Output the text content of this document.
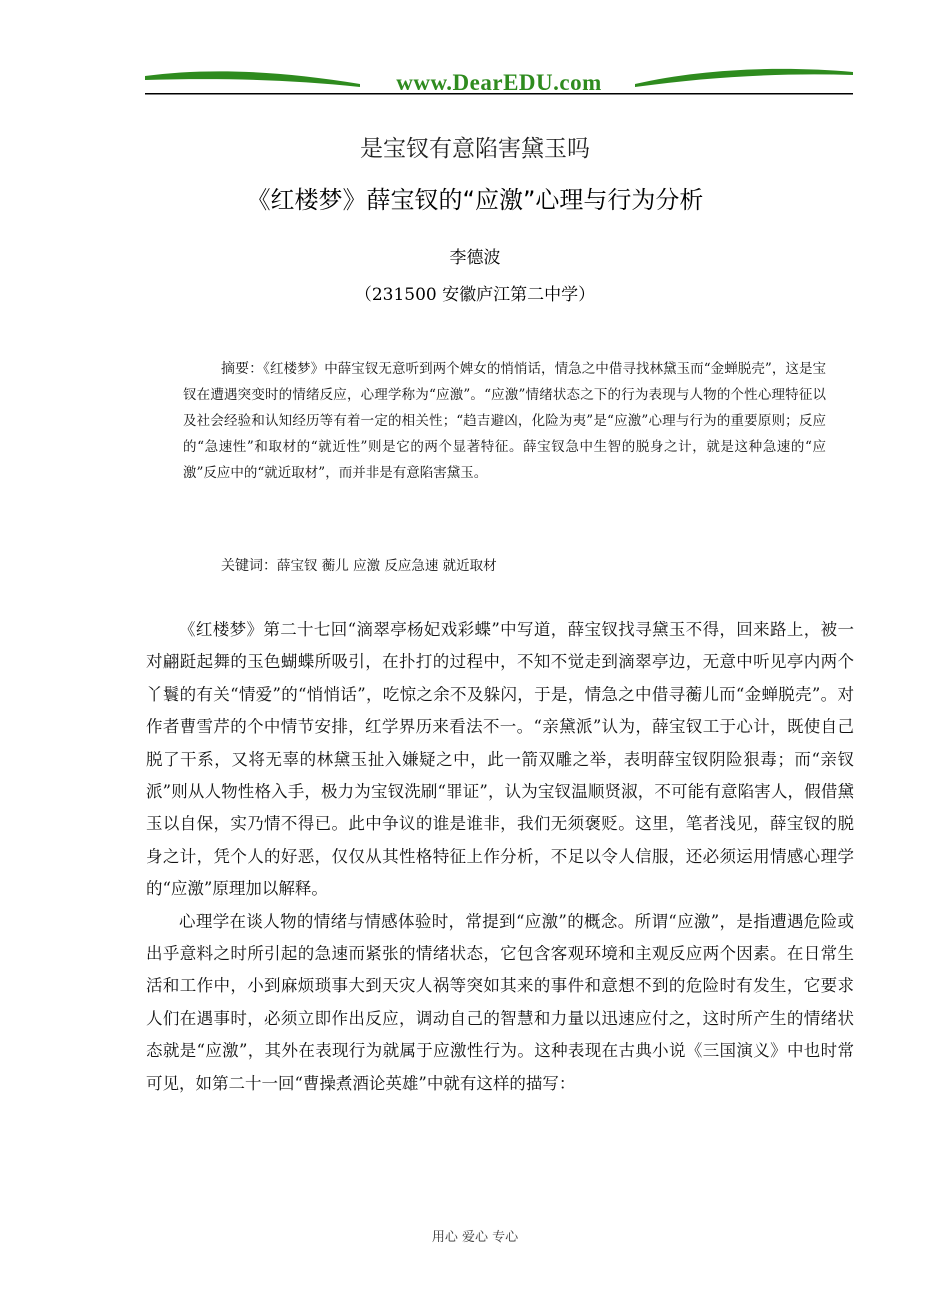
www.DearEDU.com
是宝钗有意陷害黛玉吗
《红楼梦》薛宝钗的“应激”心理与行为分析
李德波
（231500 安徽庐江第二中学）
摘要：《红楼梦》中薛宝钗无意听到两个婢女的悄悄话，情急之中借寻找林黛玉而“金蝉脱壳”，这是宝钗在遭遇突变时的情绪反应，心理学称为“应激”。“应激”情绪状态之下的行为表现与人物的个性心理特征以及社会经验和认知经历等有着一定的相关性；“趋吉避凶，化险为夷”是“应激”心理与行为的重要原则；反应的“急速性”和取材的“就近性”则是它的两个显著特征。薛宝钗急中生智的脱身之计，就是这种急速的“应激”反应中的“就近取材”，而并非是有意陷害黛玉。
关键词：薛宝钗 蘅儿 应激 反应急速 就近取材

《红楼梦》第二十七回“滴翠亭杨妃戏彩蝶”中写道，薛宝钗找寻黛玉不得，回来路上，被一对翩跹起舞的玉色蝴蝶所吸引，在扑打的过程中，不知不觉走到滴翠亭边，无意中听见亭内两个丫鬟的有关“情爱”的“悄悄话”，吃惊之余不及躲闪，于是，情急之中借寻蘅儿而“金蝉脱壳”。对作者曹雪芹的个中情节安排，红学界历来看法不一。“亲黛派”认为，薛宝钗工于心计，既使自己脱了干系，又将无辜的林黛玉扯入嫌疑之中，此一箭双雕之举，表明薛宝钗阴险狠毒；而“亲钗派”则从人物性格入手，极力为宝钗洗刷“罪证”，认为宝钗温顺贤淑，不可能有意陷害人，假借黛玉以自保，实乃情不得已。此中争议的谁是谁非，我们无须褒贬。这里，笔者浅见，薛宝钗的脱身之计，凭个人的好恶，仅仅从其性格特征上作分析，不足以令人信服，还必须运用情感心理学的“应激”原理加以解释。

心理学在谈人物的情绪与情感体验时，常提到“应激”的概念。所谓“应激”，是指遭遇危险或出乎意料之时所引起的急速而紧张的情绪状态，它包含客观环境和主观反应两个因素。在日常生活和工作中，小到麻烦琐事大到天灾人祸等突如其来的事件和意想不到的危险时有发生，它要求人们在遇事时，必须立即作出反应，调动自己的智慧和力量以迅速应付之，这时所产生的情绪状态就是“应激”，其外在表现行为就属于应激性行为。这种表现在古典小说《三国演义》中也时常可见，如第二十一回“曹操煮酒论英雄”中就有这样的描写：

用心 爱心 专心
